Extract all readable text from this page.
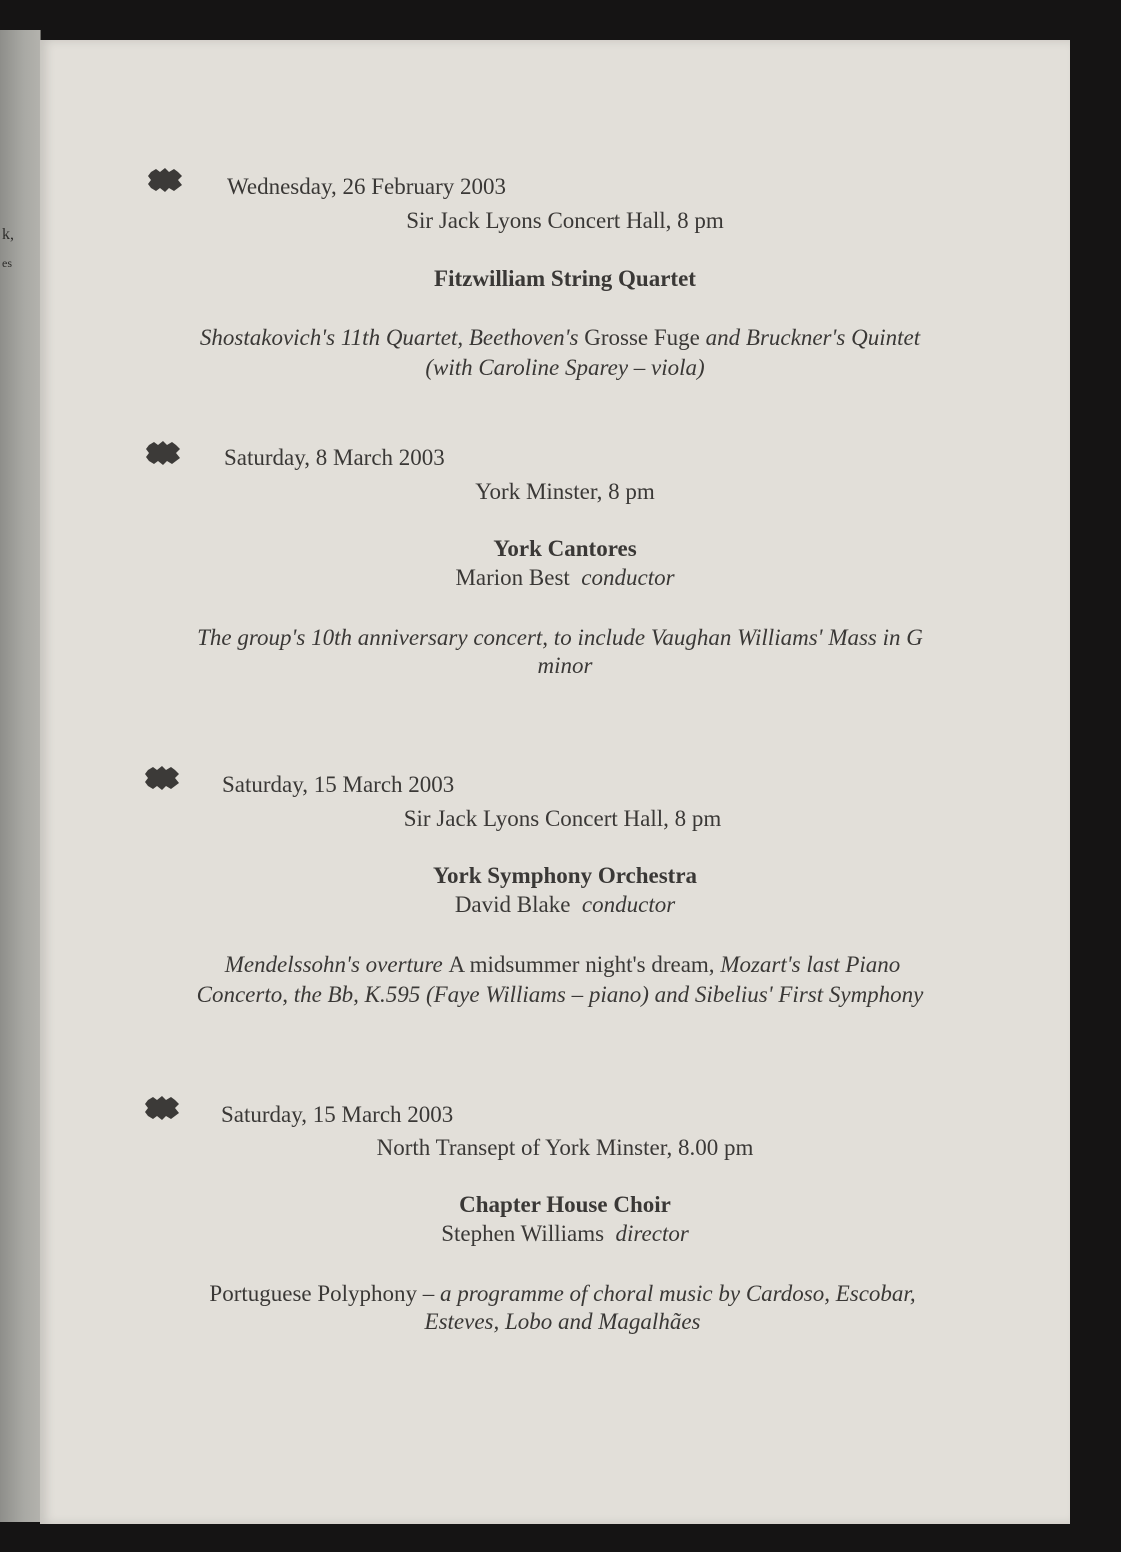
k,
es
Wednesday, 26 February 2003
Sir Jack Lyons Concert Hall, 8 pm
Fitzwilliam String Quartet
Shostakovich's 11th Quartet, Beethoven's Grosse Fuge and Bruckner's Quintet
(with Caroline Sparey – viola)
Saturday, 8 March 2003
York Minster, 8 pm
York Cantores
Marion Best conductor
The group's 10th anniversary concert, to include Vaughan Williams' Mass in G
minor
Saturday, 15 March 2003
Sir Jack Lyons Concert Hall, 8 pm
York Symphony Orchestra
David Blake conductor
Mendelssohn's overture A midsummer night's dream, Mozart's last Piano
Concerto, the Bb, K.595 (Faye Williams – piano) and Sibelius' First Symphony
Saturday, 15 March 2003
North Transept of York Minster, 8.00 pm
Chapter House Choir
Stephen Williams director
Portuguese Polyphony – a programme of choral music by Cardoso, Escobar,
Esteves, Lobo and Magalhães
